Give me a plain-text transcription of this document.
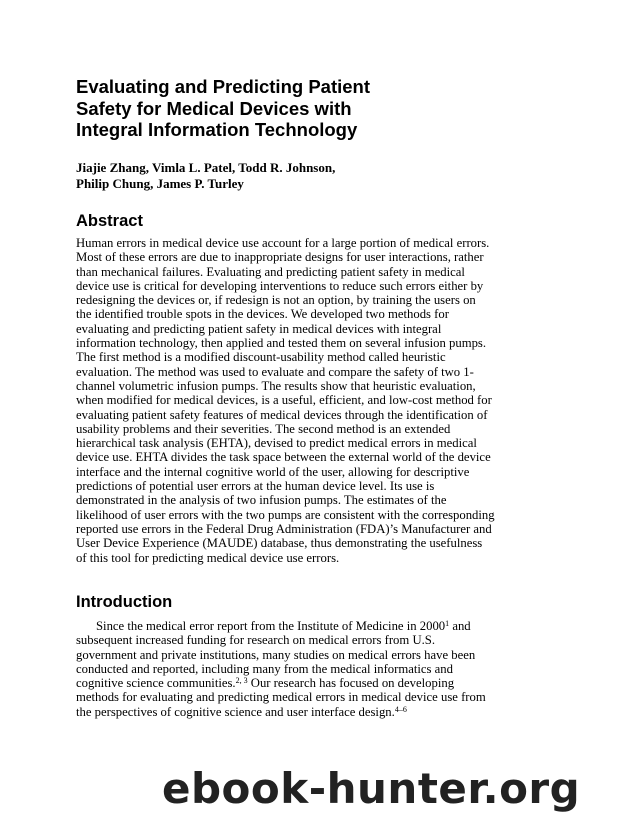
Evaluating and Predicting Patient
Safety for Medical Devices with
Integral Information Technology
Jiajie Zhang, Vimla L. Patel, Todd R. Johnson,
Philip Chung, James P. Turley
Abstract
Human errors in medical device use account for a large portion of medical errors.
Most of these errors are due to inappropriate designs for user interactions, rather
than mechanical failures. Evaluating and predicting patient safety in medical
device use is critical for developing interventions to reduce such errors either by
redesigning the devices or, if redesign is not an option, by training the users on
the identified trouble spots in the devices. We developed two methods for
evaluating and predicting patient safety in medical devices with integral
information technology, then applied and tested them on several infusion pumps.
The first method is a modified discount-usability method called heuristic
evaluation. The method was used to evaluate and compare the safety of two 1-
channel volumetric infusion pumps. The results show that heuristic evaluation,
when modified for medical devices, is a useful, efficient, and low-cost method for
evaluating patient safety features of medical devices through the identification of
usability problems and their severities. The second method is an extended
hierarchical task analysis (EHTA), devised to predict medical errors in medical
device use. EHTA divides the task space between the external world of the device
interface and the internal cognitive world of the user, allowing for descriptive
predictions of potential user errors at the human device level. Its use is
demonstrated in the analysis of two infusion pumps. The estimates of the
likelihood of user errors with the two pumps are consistent with the corresponding
reported use errors in the Federal Drug Administration (FDA)’s Manufacturer and
User Device Experience (MAUDE) database, thus demonstrating the usefulness
of this tool for predicting medical device use errors.
Introduction
Since the medical error report from the Institute of Medicine in 2000$^1$ and
subsequent increased funding for research on medical errors from U.S.
government and private institutions, many studies on medical errors have been
conducted and reported, including many from the medical informatics and
cognitive science communities.$^{2, 3}$ Our research has focused on developing
methods for evaluating and predicting medical errors in medical device use from
the perspectives of cognitive science and user interface design.$^{4-6}$
ebook-hunter.org
